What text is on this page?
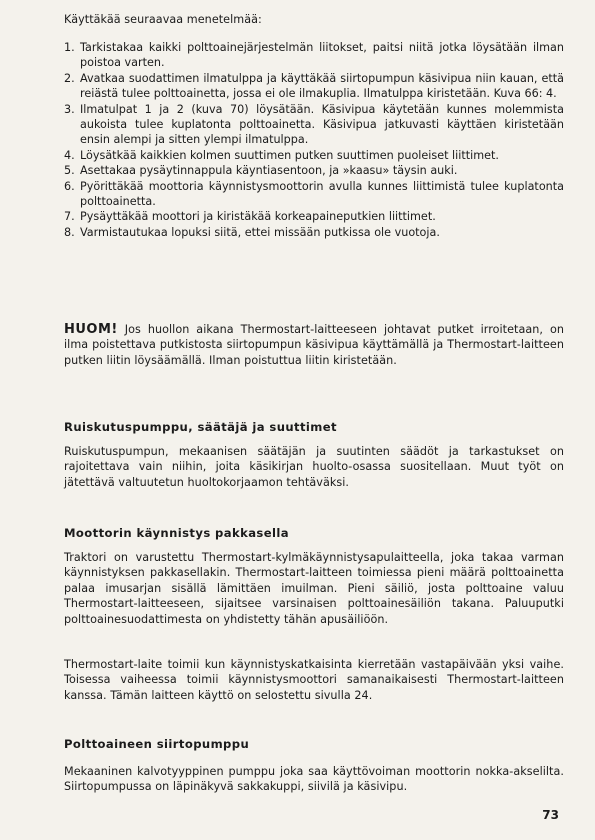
Käyttäkää seuraavaa menetelmää:
1. Tarkistakaa kaikki polttoainejärjestelmän liitokset, paitsi niitä jotka löysätään ilman poistoa varten.
2. Avatkaa suodattimen ilmatulppa ja käyttäkää siirtopumpun käsivipua niin kauan, että reiästä tulee polttoainetta, jossa ei ole ilmakuplia. Ilmatulppa kiristetään. Kuva 66: 4.
3. Ilmatulpat 1 ja 2 (kuva 70) löysätään. Käsivipua käytetään kunnes molemmista aukoista tulee kuplatonta polttoainetta. Käsivipua jatkuvasti käyttäen kiristetään ensin alempi ja sitten ylempi ilmatulppa.
4. Löysätkää kaikkien kolmen suuttimen putken suuttimen puoleiset liittimet.
5. Asettakaa pysäytinnappula käyntiasentoon, ja »kaasu» täysin auki.
6. Pyörittäkää moottoria käynnistysmoottorin avulla kunnes liittimistä tulee kuplatonta polttoainetta.
7. Pysäyttäkää moottori ja kiristäkää korkeapaineputkien liittimet.
8. Varmistautukaa lopuksi siitä, ettei missään putkissa ole vuotoja.
HUOM! Jos huollon aikana Thermostart-laitteeseen johtavat putket irroitetaan, on ilma poistettava putkistosta siirtopumpun käsivipua käyttämällä ja Thermostart-laitteen putken liitin löysäämällä. Ilman poistuttua liitin kiristetään.
Ruiskutuspumppu, säätäjä ja suuttimet
Ruiskutuspumpun, mekaanisen säätäjän ja suutinten säädöt ja tarkastukset on rajoitettava vain niihin, joita käsikirjan huolto-osassa suositellaan. Muut työt on jätettävä valtuutetun huoltokorjaamon tehtäväksi.
Moottorin käynnistys pakkasella
Traktori on varustettu Thermostart-kylmäkäynnistysapulaitteella, joka takaa varman käynnistyksen pakkasellakin. Thermostart-laitteen toimiessa pieni määrä polttoainetta palaa imusarjan sisällä lämittäen imuilman. Pieni säiliö, josta polttoaine valuu Thermostart-laitteeseen, sijaitsee varsinaisen polttoainesäiliön takana. Paluuputki polttoainesuodattimesta on yhdistetty tähän apusäiliöön.
Thermostart-laite toimii kun käynnistyskatkaisinta kierretään vastapäivään yksi vaihe. Toisessa vaiheessa toimii käynnistysmoottori samanaikaisesti Thermostart-laitteen kanssa. Tämän laitteen käyttö on selostettu sivulla 24.
Polttoaineen siirtopumppu
Mekaaninen kalvotyyppinen pumppu joka saa käyttövoiman moottorin nokka-akselilta. Siirtopumpussa on läpinäkyvä sakkakuppi, siivilä ja käsivipu.
73
